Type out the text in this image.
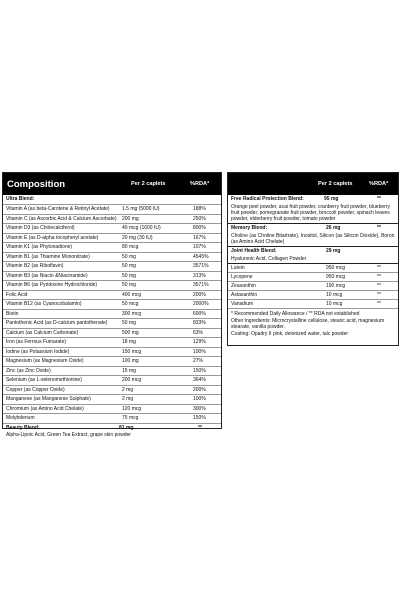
Composition	Per 2 caplets	%RDA*
Ultra Blend:
Vitamin A (as beta-Carotene & Retinyl Acetate) 1.5 mg (5000 IU)	188%
Vitamin C (as Ascorbic Acid & Calcium Ascorbate) 200 mg	250%
Vitamin D3 (as Cholecalciferol)	40 mcg (1600 IU)	800%
Vitamin E (as D-alpha tocopheryl acetate)	20 mg (30 IU)	167%
Vitamin K1 (as Phytonadione)	80 mcg	107%
Vitamin B1 (as Thiamine Mononitrate)	50 mg	4545%
Vitamin B2 (as Riboflavin)	50 mg	3571%
Vitamin B3 (as Niacin &Niacinamide)	50 mg	313%
Vitamin B6 (as Pyridoxine Hydrochloride)	50 mg	3571%
Folic Acid	400 mcg	200%
Vitamin B12 (as Cyanocobalamin)	50 mcg	2000%
Biotin	300 mcg	600%
Pantothenic Acid (as D-calcium pantothenate)	50 mg	833%
Calcium (as Calcium Carbonate)	500 mg	63%
Iron (as Ferrous Fumarate)	18 mg	129%
Iodine (as Potassium Iodide)	150 mcg	100%
Magnesium (as Magnesium Oxide)	100 mg	27%
Zinc (as Zinc Oxide)	15 mg	150%
Selenium (as L-selenomethionine)	200 mcg	364%
Copper (as Copper Oxide)	2 mg	200%
Manganese (as Manganese Sulphate)	2 mg	100%
Chromium (as Amino Acid Chelate)	120 mcg	300%
Molybdenum	75 mcg	150%
Beauty Blend:	81 mg	**
Alpha-Lipoic Acid, Green Tea Extract, grape skin powder
Per 2 caplets	%RDA*
Free Radical Protection Blend:	95 mg	**
Orange peel powder, acai fruit powder, cranberry fruit powder, blueberry fruit powder, pomegranate fruit powder, broccoli powder, spinach leaves powder, elderberry fruit powder, tomato powder
Memory Blend:	26 mg	**
Choline (as Choline Bitartrate), Inositol, Silicon (as Silicon Dioxide), Boron (as Amino Acid Chelate)
Joint Health Blend:	29 mg
Hyaluronic Acid, Collagen Powder
Lutein	950 mcg	**
Lycopene	950 mcg	**
Zeaxanthin	190 mcg	**
Astaxanthin	10 mcg	**
Vanadium	10 mcg	**
* Recommended Daily Allowance / ** RDA not established
Other ingredients: Microcrystalline cellulose, stearic acid, magnesium stearate, vanilla powder.
Coating: Opadry II pink, deionized water, talc powder
